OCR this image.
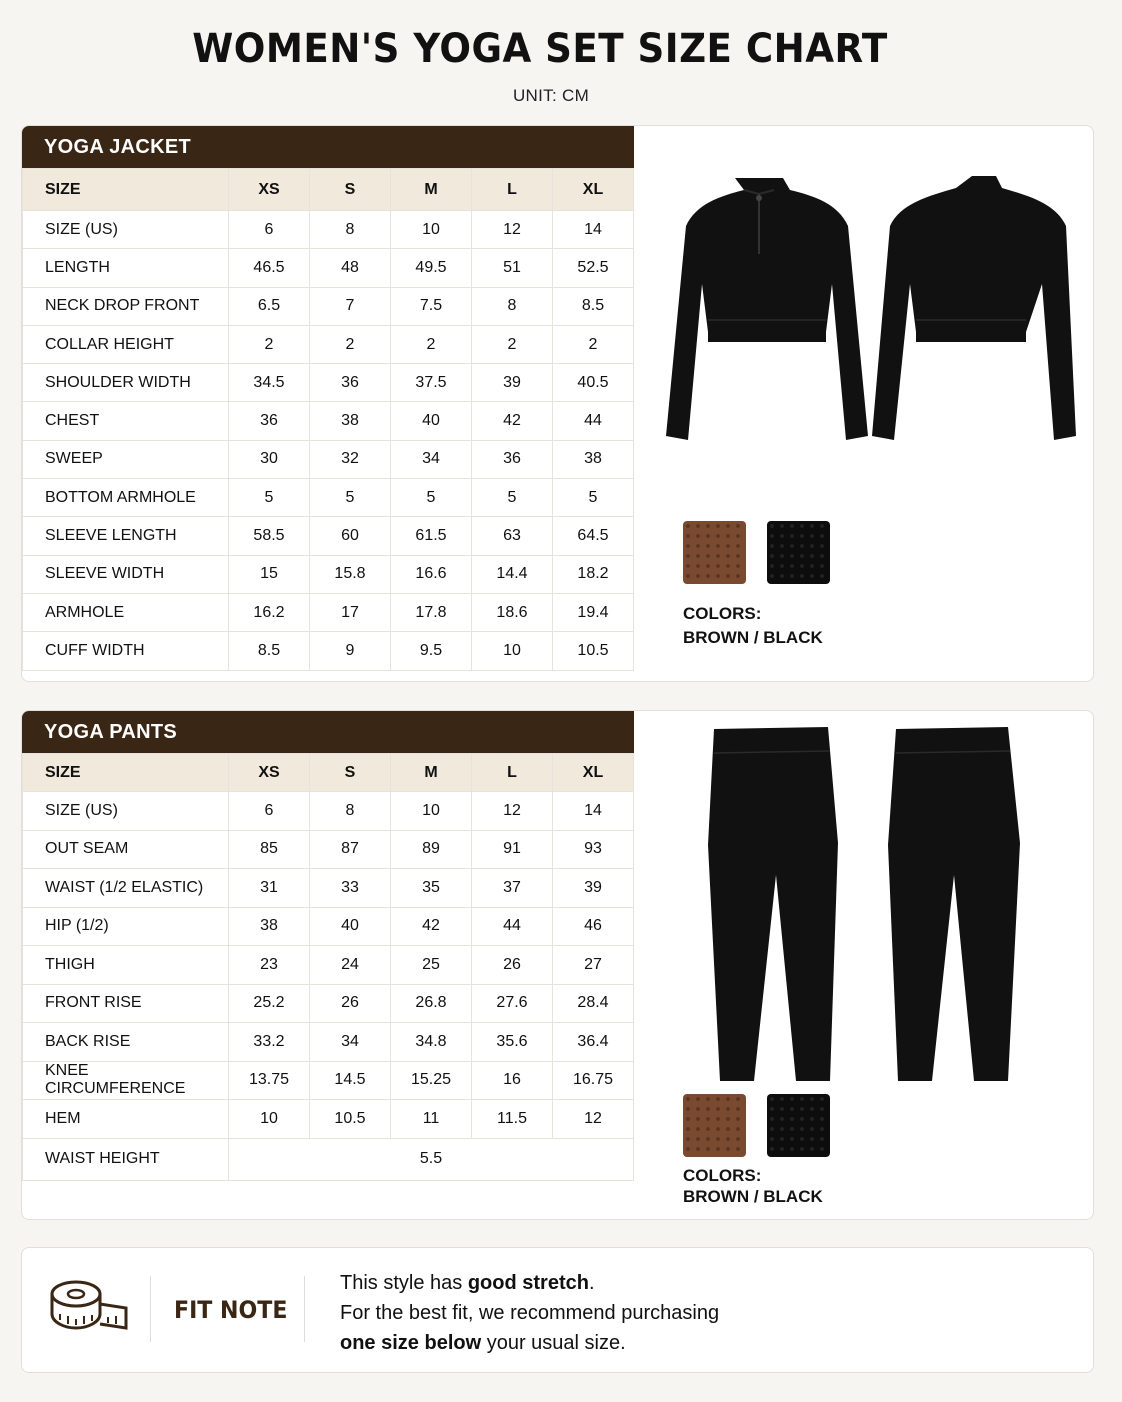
WOMEN'S YOGA SET SIZE CHART
UNIT: CM
YOGA JACKET
SIZE	XS	S	M	L	XL
SIZE (US)	6	8	10	12	14
LENGTH	46.5	48	49.5	51	52.5
NECK DROP FRONT	6.5	7	7.5	8	8.5
COLLAR HEIGHT	2	2	2	2	2
SHOULDER WIDTH	34.5	36	37.5	39	40.5
CHEST	36	38	40	42	44
SWEEP	30	32	34	36	38
BOTTOM ARMHOLE	5	5	5	5	5
SLEEVE LENGTH	58.5	60	61.5	63	64.5
SLEEVE WIDTH	15	15.8	16.6	14.4	18.2
ARMHOLE	16.2	17	17.8	18.6	19.4
CUFF WIDTH	8.5	9	9.5	10	10.5
COLORS:
BROWN / BLACK
YOGA PANTS
SIZE	XS	S	M	L	XL
SIZE (US)	6	8	10	12	14
OUT SEAM	85	87	89	91	93
WAIST (1/2 ELASTIC)	31	33	35	37	39
HIP (1/2)	38	40	42	44	46
THIGH	23	24	25	26	27
FRONT RISE	25.2	26	26.8	27.6	28.4
BACK RISE	33.2	34	34.8	35.6	36.4
KNEE CIRCUMFERENCE	13.75	14.5	15.25	16	16.75
HEM	10	10.5	11	11.5	12
WAIST HEIGHT	5.5				
COLORS:
BROWN / BLACK
FIT NOTE
This style has good stretch.
For the best fit, we recommend purchasing
one size below your usual size.
